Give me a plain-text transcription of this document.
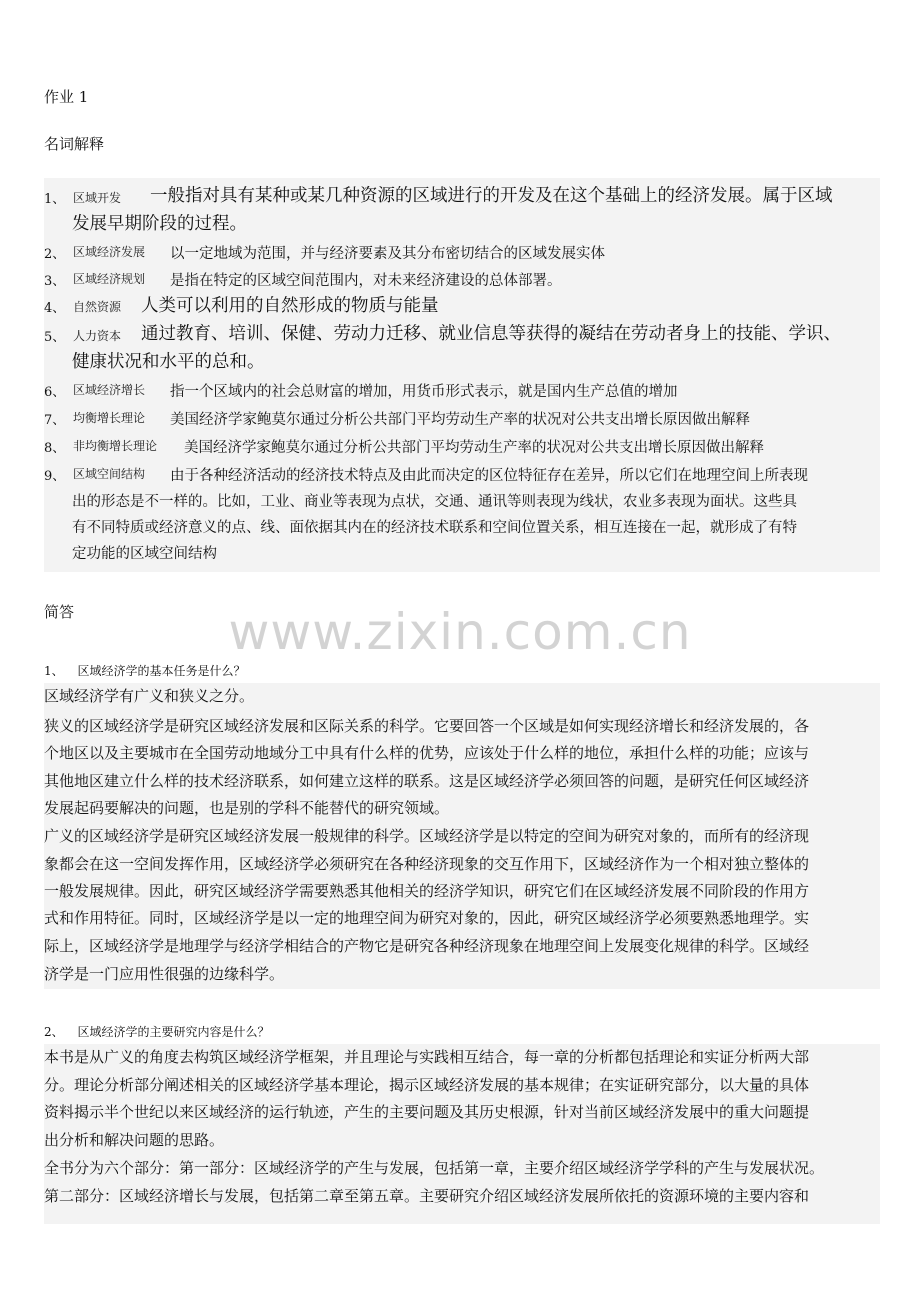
作业 1
名词解释
1、 区域开发 一般指对具有某种或某几种资源的区域进行的开发及在这个基础上的经济发展。属于区域
发展早期阶段的过程。
2、 区域经济发展 以一定地域为范围，并与经济要素及其分布密切结合的区域发展实体
3、 区域经济规划 是指在特定的区域空间范围内，对未来经济建设的总体部署。
4、 自然资源 人类可以利用的自然形成的物质与能量
5、 人力资本 通过教育、培训、保健、劳动力迁移、就业信息等获得的凝结在劳动者身上的技能、学识、
健康状况和水平的总和。
6、 区域经济增长 指一个区域内的社会总财富的增加，用货币形式表示，就是国内生产总值的增加
7、 均衡增长理论 美国经济学家鲍莫尔通过分析公共部门平均劳动生产率的状况对公共支出增长原因做出解释
8、 非均衡增长理论 美国经济学家鲍莫尔通过分析公共部门平均劳动生产率的状况对公共支出增长原因做出解释
9、 区域空间结构 由于各种经济活动的经济技术特点及由此而决定的区位特征存在差异，所以它们在地理空间上所表现
出的形态是不一样的。比如，工业、商业等表现为点状，交通、通讯等则表现为线状，农业多表现为面状。这些具
有不同特质或经济意义的点、线、面依据其内在的经济技术联系和空间位置关系，相互连接在一起，就形成了有特
定功能的区域空间结构
简答	www.zixin.com.cn
1、 区域经济学的基本任务是什么？
区域经济学有广义和狭义之分。
狭义的区域经济学是研究区域经济发展和区际关系的科学。它要回答一个区域是如何实现经济增长和经济发展的，各
个地区以及主要城市在全国劳动地域分工中具有什么样的优势，应该处于什么样的地位，承担什么样的功能；应该与
其他地区建立什么样的技术经济联系，如何建立这样的联系。这是区域经济学必须回答的问题，是研究任何区域经济
发展起码要解决的问题，也是别的学科不能替代的研究领域。
广义的区域经济学是研究区域经济发展一般规律的科学。区域经济学是以特定的空间为研究对象的，而所有的经济现
象都会在这一空间发挥作用，区域经济学必须研究在各种经济现象的交互作用下，区域经济作为一个相对独立整体的
一般发展规律。因此，研究区域经济学需要熟悉其他相关的经济学知识，研究它们在区域经济发展不同阶段的作用方
式和作用特征。同时，区域经济学是以一定的地理空间为研究对象的，因此，研究区域经济学必须要熟悉地理学。实
际上，区域经济学是地理学与经济学相结合的产物它是研究各种经济现象在地理空间上发展变化规律的科学。区域经
济学是一门应用性很强的边缘科学。
2、 区域经济学的主要研究内容是什么？
本书是从广义的角度去构筑区域经济学框架，并且理论与实践相互结合，每一章的分析都包括理论和实证分析两大部
分。理论分析部分阐述相关的区域经济学基本理论，揭示区域经济发展的基本规律；在实证研究部分，以大量的具体
资料揭示半个世纪以来区域经济的运行轨迹，产生的主要问题及其历史根源，针对当前区域经济发展中的重大问题提
出分析和解决问题的思路。
全书分为六个部分：第一部分：区域经济学的产生与发展，包括第一章，主要介绍区域经济学学科的产生与发展状况。
第二部分：区域经济增长与发展，包括第二章至第五章。主要研究介绍区域经济发展所依托的资源环境的主要内容和
